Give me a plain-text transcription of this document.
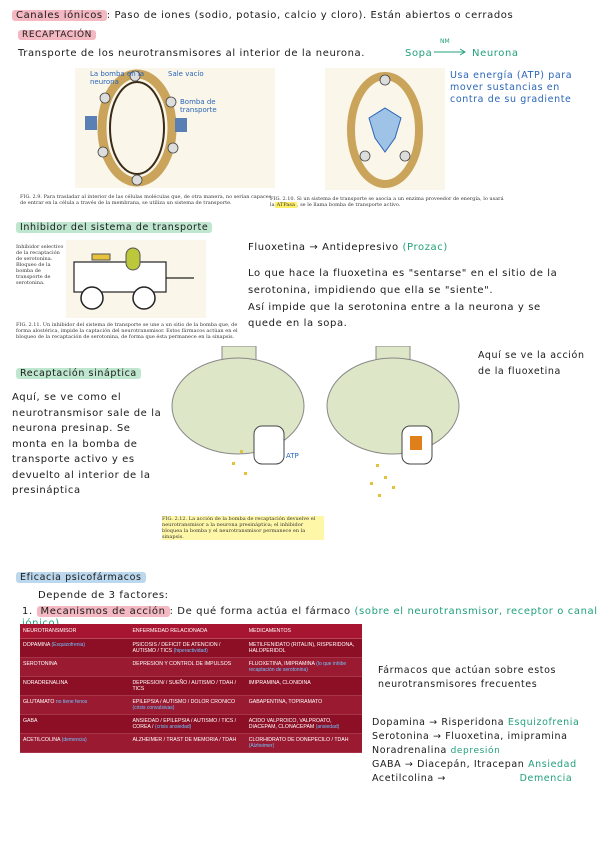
Canales iónicos : Paso de iones (sodio, potasio, calcio y cloro). Están abiertos o cerrados
RECAPTACIÓN
Transporte de los neurotransmisores al interior de la neurona.	Sopa
NM
Neurona
La bomba en la neurona
Sale vacío
Bomba de transporte
FIG. 2.9. Para trasladar al interior de las células moléculas que, de otra manera, no serían capaces de entrar en la célula a través de la membrana, se utiliza un sistema de transporte.
Usa energía (ATP) para mover sustancias en contra de su gradiente
FIG. 2.10. Si un sistema de transporte se asocia a un enzima proveedor de energía, lo usará la ATPasa , se le llama bomba de transporte activo.
Inhibidor del sistema de transporte
Inhibidor selectivo de la recaptación de serotonina. Bloqueo de la bomba de transporte de serotonina.
FIG. 2.11. Un inhibidor del sistema de transporte se une a un sitio de la bomba que, de forma alostérica, impide la captación del neurotransmisor. Estos fármacos actúan en el bloqueo de la recaptación de serotonina, de forma que ésta permanece en la sinapsis.
Fluoxetina → Antidepresivo (Prozac)
Lo que hace la fluoxetina es "sentarse" en el sitio de la serotonina, impidiendo que ella se "siente".
Así impide que la serotonina entre a la neurona y se quede en la sopa.
Recaptación sináptica
Aquí, se ve como el neurotransmisor sale de la neurona presinap. Se monta en la bomba de transporte activo y es devuelto al interior de la presináptica
ATP
Aquí se ve la acción de la fluoxetina
FIG. 2.12. La acción de la bomba de recaptación devuelve el neurotransmisor a la neurona presináptica; el inhibidor bloquea la bomba y el neurotransmisor permanece en la sinapsis.
Eficacia psicofármacos
Depende de 3 factores:
1. Mecanismos de acción : De qué forma actúa el fármaco (sobre el neurotransmisor, receptor o canal
NEUROTRANSMISOR	ENFERMEDAD RELACIONADA	MEDICAMENTOS
DOPAMINA (Esquizofrenia)	PSICOSIS / DEFICIT DE ATENCION / AUTISMO / TICS (hiperactividad)	METILFENIDATO (RITALIN), RISPERIDONA, HALOPERIDOL
SEROTONINA	DEPRESION Y CONTROL DE IMPULSOS	FLUOXETINA, IMIPRAMINA (lo que inhibe recaptación de serotonina)
NORADRENALINA	DEPRESION/ / SUEÑO / AUTISMO / TDAH / TICS	IMIPRAMINA, CLONIDINA
GLUTAMATO no tiene fenos	EPILEPSIA / AUTISMO / DOLOR CRONICO (crisis convulsivas)	GABAPENTINA, TOPIRAMATO
GABA	ANSIEDAD / EPILEPSIA / AUTISMO / TICS / COREA / (crisis ansiedad)	ACIDO VALPROICO, VALPROATO, DIACEPAM, CLONACEPAM (ansiedad)
ACETILCOLINA (demencia)	ALZHEIMER / TRAST DE MEMORIA / TDAH	CLORHIDRATO DE DONEPECILO / TDAH (Alzheimer)
Fármacos que actúan sobre estos neurotransmisores frecuentes
Dopamina → Risperidona Esquizofrenia
Serotonina → Fluoxetina, imipramina
Noradrenalina depresión
GABA → Diacepán, Itracepan Ansiedad
Acetilcolina →	Demencia
